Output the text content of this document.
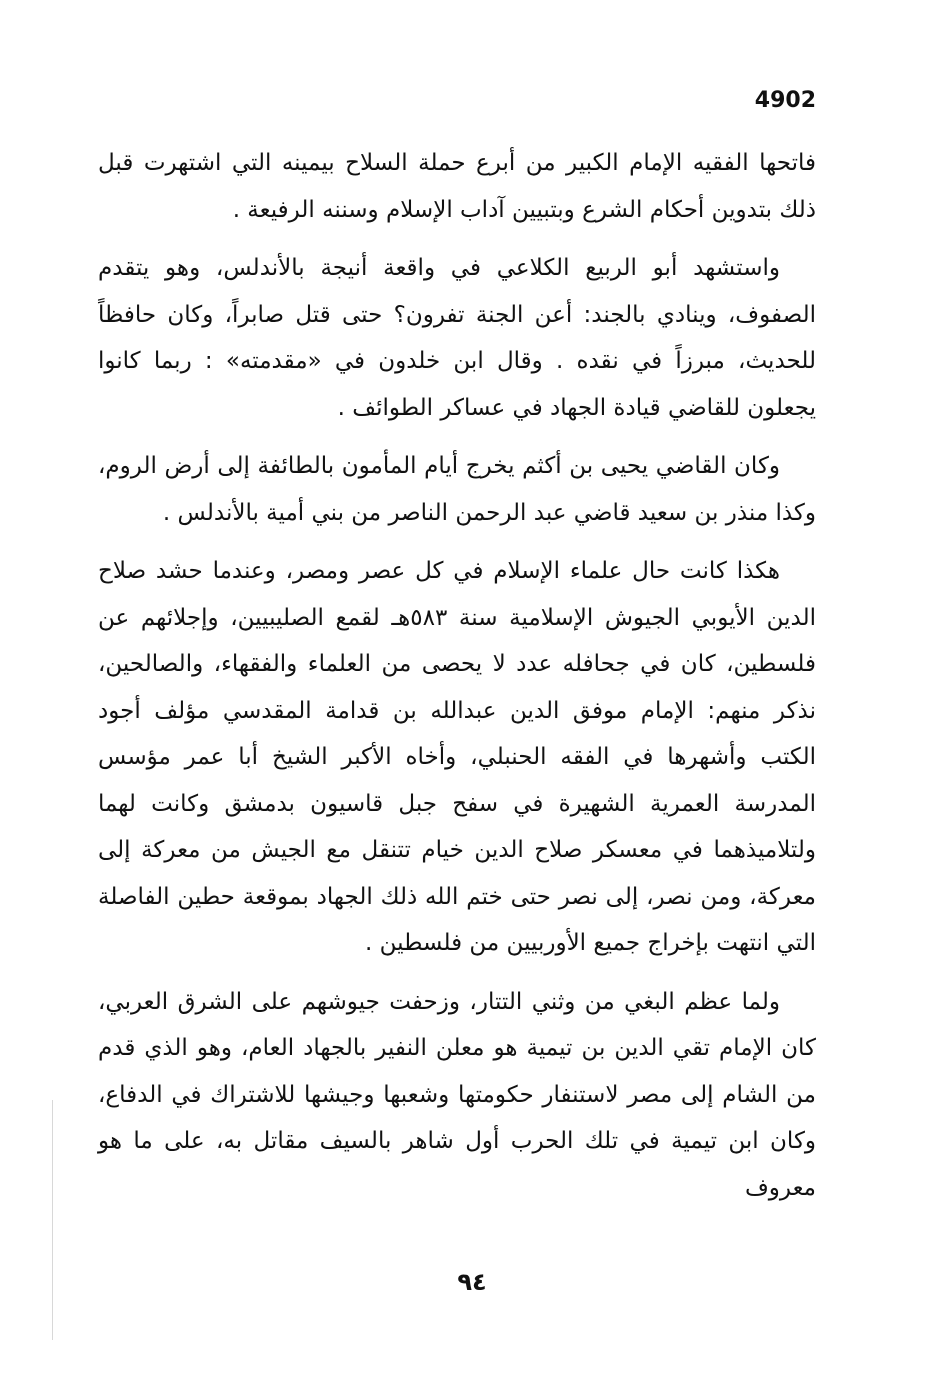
4902

فاتحها الفقيه الإمام الكبير من أبرع حملة السلاح بيمينه التي اشتهرت قبل ذلك بتدوين أحكام الشرع وبتبيين آداب الإسلام وسننه الرفيعة .

واستشهد أبو الربيع الكلاعي في واقعة أنيجة بالأندلس، وهو يتقدم الصفوف، وينادي بالجند: أعن الجنة تفرون؟ حتى قتل صابراً، وكان حافظاً للحديث، مبرزاً في نقده . وقال ابن خلدون في «مقدمته» : ربما كانوا يجعلون للقاضي قيادة الجهاد في عساكر الطوائف .

وكان القاضي يحيى بن أكثم يخرج أيام المأمون بالطائفة إلى أرض الروم، وكذا منذر بن سعيد قاضي عبد الرحمن الناصر من بني أمية بالأندلس .

هكذا كانت حال علماء الإسلام في كل عصر ومصر، وعندما حشد صلاح الدين الأيوبي الجيوش الإسلامية سنة ٥٨٣هـ لقمع الصليبيين، وإجلائهم عن فلسطين، كان في جحافله عدد لا يحصى من العلماء والفقهاء، والصالحين، نذكر منهم: الإمام موفق الدين عبدالله بن قدامة المقدسي مؤلف أجود الكتب وأشهرها في الفقه الحنبلي، وأخاه الأكبر الشيخ أبا عمر مؤسس المدرسة العمرية الشهيرة في سفح جبل قاسيون بدمشق وكانت لهما ولتلاميذهما في معسكر صلاح الدين خيام تتنقل مع الجيش من معركة إلى معركة، ومن نصر، إلى نصر حتى ختم الله ذلك الجهاد بموقعة حطين الفاصلة التي انتهت بإخراج جميع الأوربيين من فلسطين .

ولما عظم البغي من وثني التتار، وزحفت جيوشهم على الشرق العربي، كان الإمام تقي الدين بن تيمية هو معلن النفير بالجهاد العام، وهو الذي قدم من الشام إلى مصر لاستنفار حكومتها وشعبها وجيشها للاشتراك في الدفاع، وكان ابن تيمية في تلك الحرب أول شاهر بالسيف مقاتل به، على ما هو معروف

٩٤
